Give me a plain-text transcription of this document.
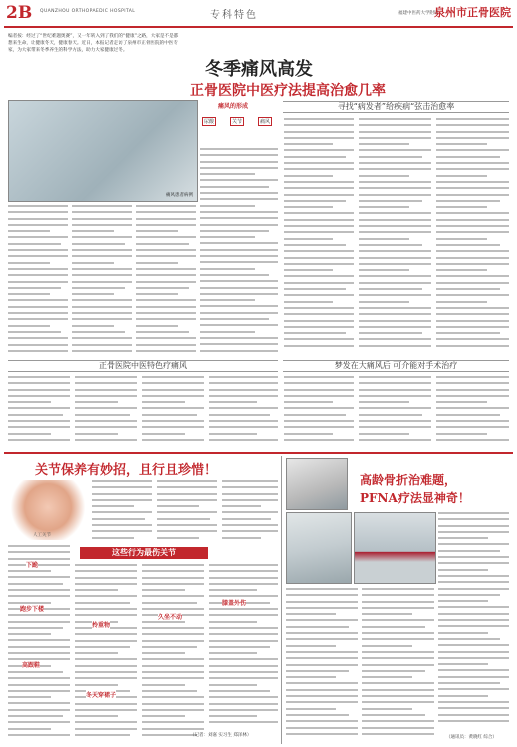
2B QUANZHOU ORTHOPAEDIC HOSPITAL	专科特色	福建中医药大学附属
泉州市正骨医院
编者按：经过了“世纪难题奥赛”，又一年转入到了我们的“健康”之路，大家是不是都想来生命，让健康冬天，健康春天。近日，本报记者走访了泉州市正骨医院的中医专家，为大家带来冬季养生的科学方法，助力大家健康过冬。
冬季痛风高发
正骨医院中医疗法提高治愈几率
痛风患者病例
痛风的形成
尿酸	关节	痛风
寻找“病发者”给疾病“弦击治愈率
正骨医院中医特色疗痛风	梦发在大痛风后 可介能对手术治疗
关节保养有妙招，且行且珍惜！
人工关节
下跪
跑步下楼
高跟鞋
这些行为最伤关节
拎重物
冬天穿裙子
久坐不动
膝盖外伤
（记者：刘嘉 实习生 郑泽林）
高龄骨折治难题，
PFNA疗法显神奇！
（通讯员：黄晓红 综合）
